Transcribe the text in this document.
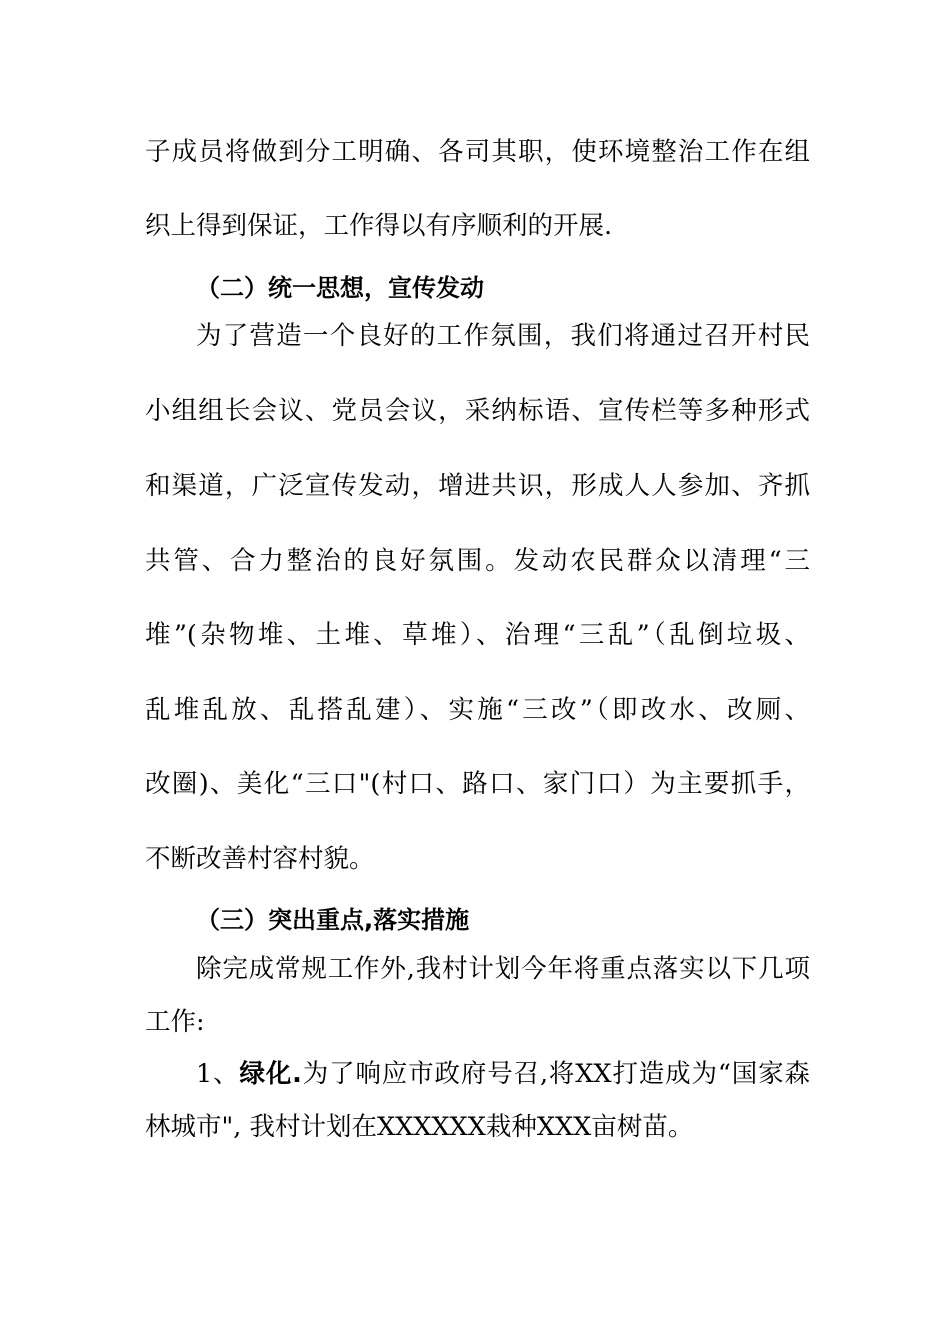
子成员将做到分工明确、各司其职，使环境整治工作在组
织上得到保证，工作得以有序顺利的开展.
（二）统一思想，宣传发动
为了营造一个良好的工作氛围，我们将通过召开村民
小组组长会议、党员会议，采纳标语、宣传栏等多种形式
和渠道，广泛宣传发动，增进共识，形成人人参加、齐抓
共管、合力整治的良好氛围。发动农民群众以清理“三
堆”(杂物堆、土堆、草堆）、治理“三乱”（乱倒垃圾、
乱堆乱放、乱搭乱建）、实施“三改”（即改水、改厕、
改圈)、美化“三口"(村口、路口、家门口）为主要抓手，
不断改善村容村貌。
（三）突出重点,落实措施
除完成常规工作外,我村计划今年将重点落实以下几项
工作:
1、绿化.为了响应市政府号召,将XX打造成为“国家森
林城市", 我村计划在XXXXXX栽种XXX亩树苗。
